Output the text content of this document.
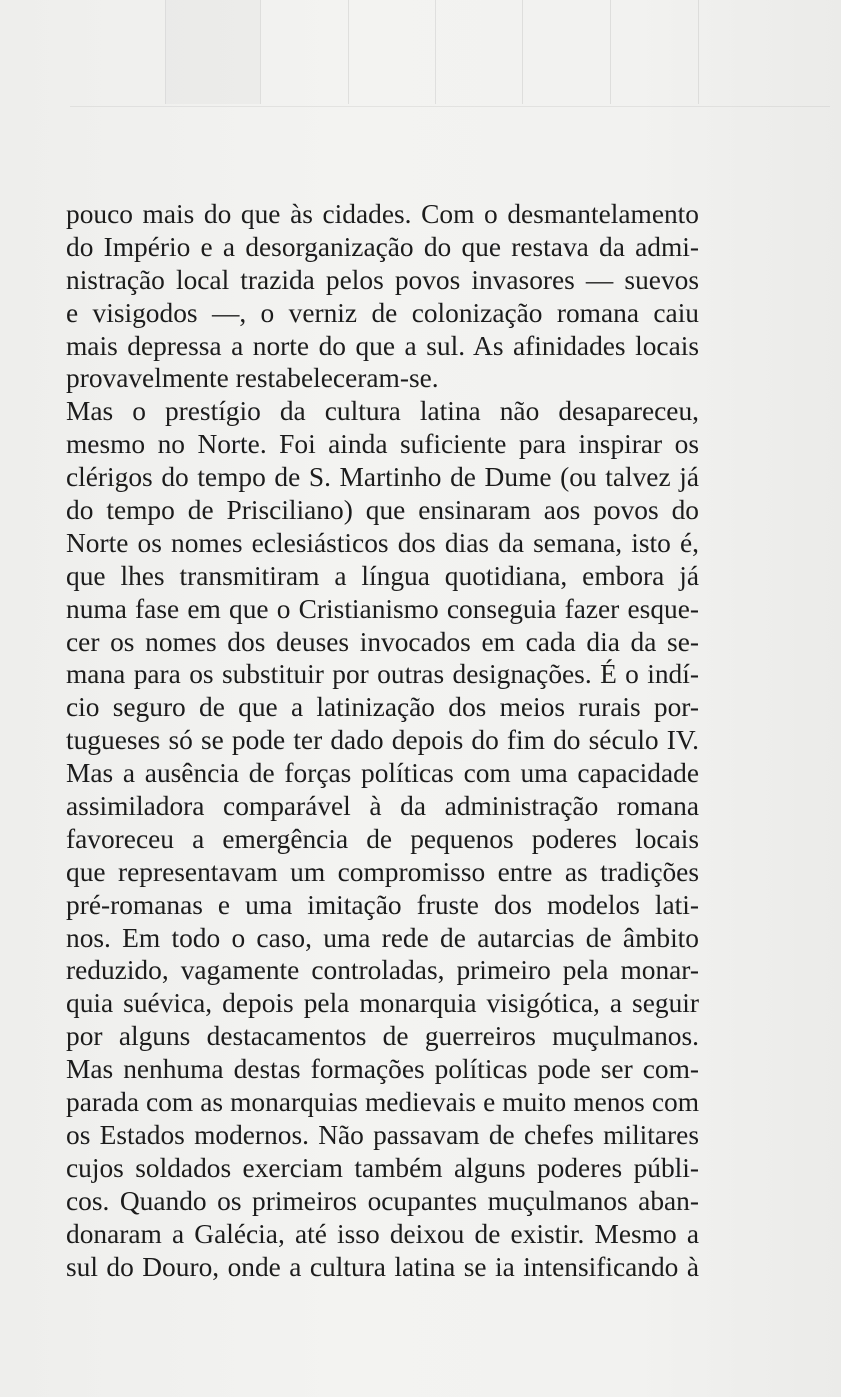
pouco mais do que às cidades. Com o desmantelamento
do Império e a desorganização do que restava da admi-
nistração local trazida pelos povos invasores — suevos
e visigodos —, o verniz de colonização romana caiu
mais depressa a norte do que a sul. As afinidades locais
provavelmente restabeleceram-se.
Mas o prestígio da cultura latina não desapareceu,
mesmo no Norte. Foi ainda suficiente para inspirar os
clérigos do tempo de S. Martinho de Dume (ou talvez já
do tempo de Prisciliano) que ensinaram aos povos do
Norte os nomes eclesiásticos dos dias da semana, isto é,
que lhes transmitiram a língua quotidiana, embora já
numa fase em que o Cristianismo conseguia fazer esque-
cer os nomes dos deuses invocados em cada dia da se-
mana para os substituir por outras designações. É o indí-
cio seguro de que a latinização dos meios rurais por-
tugueses só se pode ter dado depois do fim do século IV.
Mas a ausência de forças políticas com uma capacidade
assimiladora comparável à da administração romana
favoreceu a emergência de pequenos poderes locais
que representavam um compromisso entre as tradições
pré-romanas e uma imitação fruste dos modelos lati-
nos. Em todo o caso, uma rede de autarcias de âmbito
reduzido, vagamente controladas, primeiro pela monar-
quia suévica, depois pela monarquia visigótica, a seguir
por alguns destacamentos de guerreiros muçulmanos.
Mas nenhuma destas formações políticas pode ser com-
parada com as monarquias medievais e muito menos com
os Estados modernos. Não passavam de chefes militares
cujos soldados exerciam também alguns poderes públi-
cos. Quando os primeiros ocupantes muçulmanos aban-
donaram a Galécia, até isso deixou de existir. Mesmo a
sul do Douro, onde a cultura latina se ia intensificando à
